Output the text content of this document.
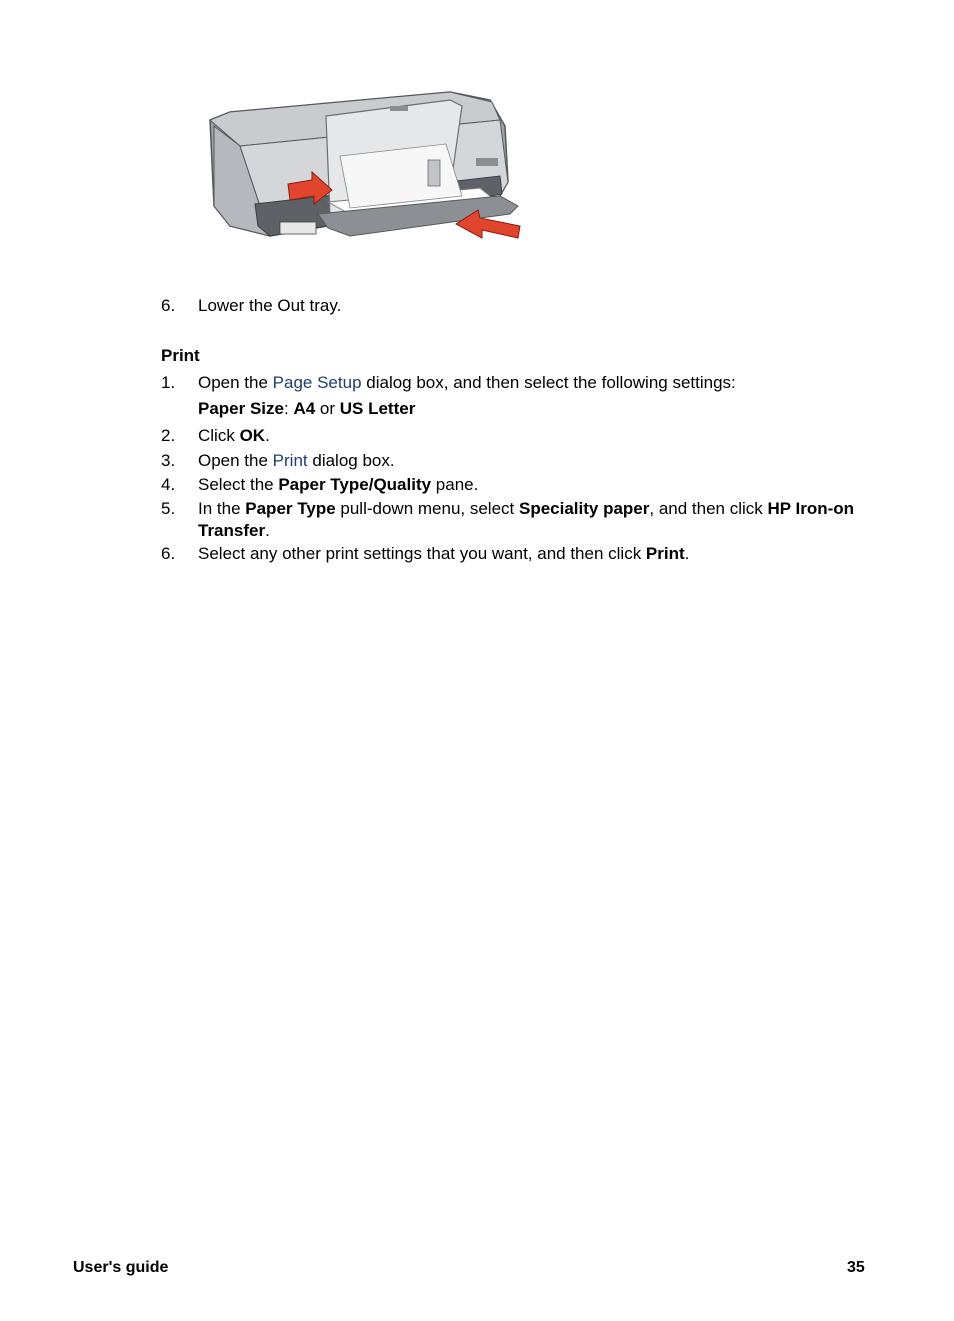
6. Lower the Out tray.
Print
1. Open the Page Setup dialog box, and then select the following settings:
Paper Size: A4 or US Letter
2. Click OK.
3. Open the Print dialog box.
4. Select the Paper Type/Quality pane.
5. In the Paper Type pull-down menu, select Speciality paper, and then click HP Iron-on Transfer.
6. Select any other print settings that you want, and then click Print.
User's guide	35
